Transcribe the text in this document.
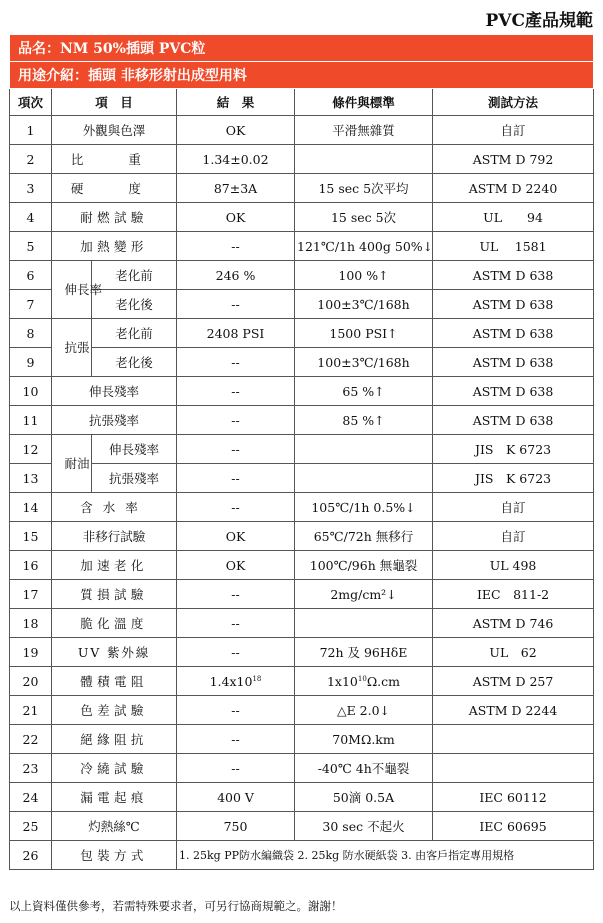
PVC產品規範
品名：NM 50%插頭 PVC粒					
用途介紹：插頭 非移形射出成型用料					
項次	項　目		結　果	條件與標準	測試方法
1	外觀與色澤		OK	平滑無雜質	自訂
2	比　重		1.34±0.02		ASTM D 792
3	硬　度		87±3A	15 sec 5次平均	ASTM D 2240
4	耐燃試驗		OK	15 sec 5次	UL　　94
5	加熱變形		--	121℃/1h 400g 50%↓	UL　 1581
6	伸長率	老化前	246 %	100 %↑	ASTM D 638
7		老化後	--	100±3℃/168h	ASTM D 638
8	抗張	老化前	2408 PSI	1500 PSI↑	ASTM D 638
9		老化後	--	100±3℃/168h	ASTM D 638
10	伸長殘率		--	65 %↑	ASTM D 638
11	抗張殘率		--	85 %↑	ASTM D 638
12	耐油	伸長殘率	--		JIS　K 6723
13		抗張殘率	--		JIS　K 6723
14	含水率		--	105℃/1h 0.5%↓	自訂
15	非移行試驗		OK	65℃/72h 無移行	自訂
16	加速老化		OK	100℃/96h 無龜裂	UL 498
17	質損試驗		--	2mg/cm²↓	IEC　811-2
18	脆化溫度		--		ASTM D 746
19	UV 紫外線		--	72h 及 96HδE	UL　62
20	體積電阻		$1.4x10^{18}$	$1x10^{10}\Omega.cm$	ASTM D 257
21	色差試驗		--	△E 2.0↓	ASTM D 2244
22	絕緣阻抗		--	70MΩ.km	
23	冷繞試驗		--	-40℃ 4h不龜裂	
24	漏電起痕		400 V	50滴 0.5A	IEC 60112
25	灼熱絲℃		750	30 sec 不起火	IEC 60695
26	包裝方式		1. 25kg PP防水編織袋 2. 25kg 防水硬紙袋 3. 由客戶指定專用規格		
以上資料僅供參考，若需特殊要求者，可另行協商規範之。謝謝！
